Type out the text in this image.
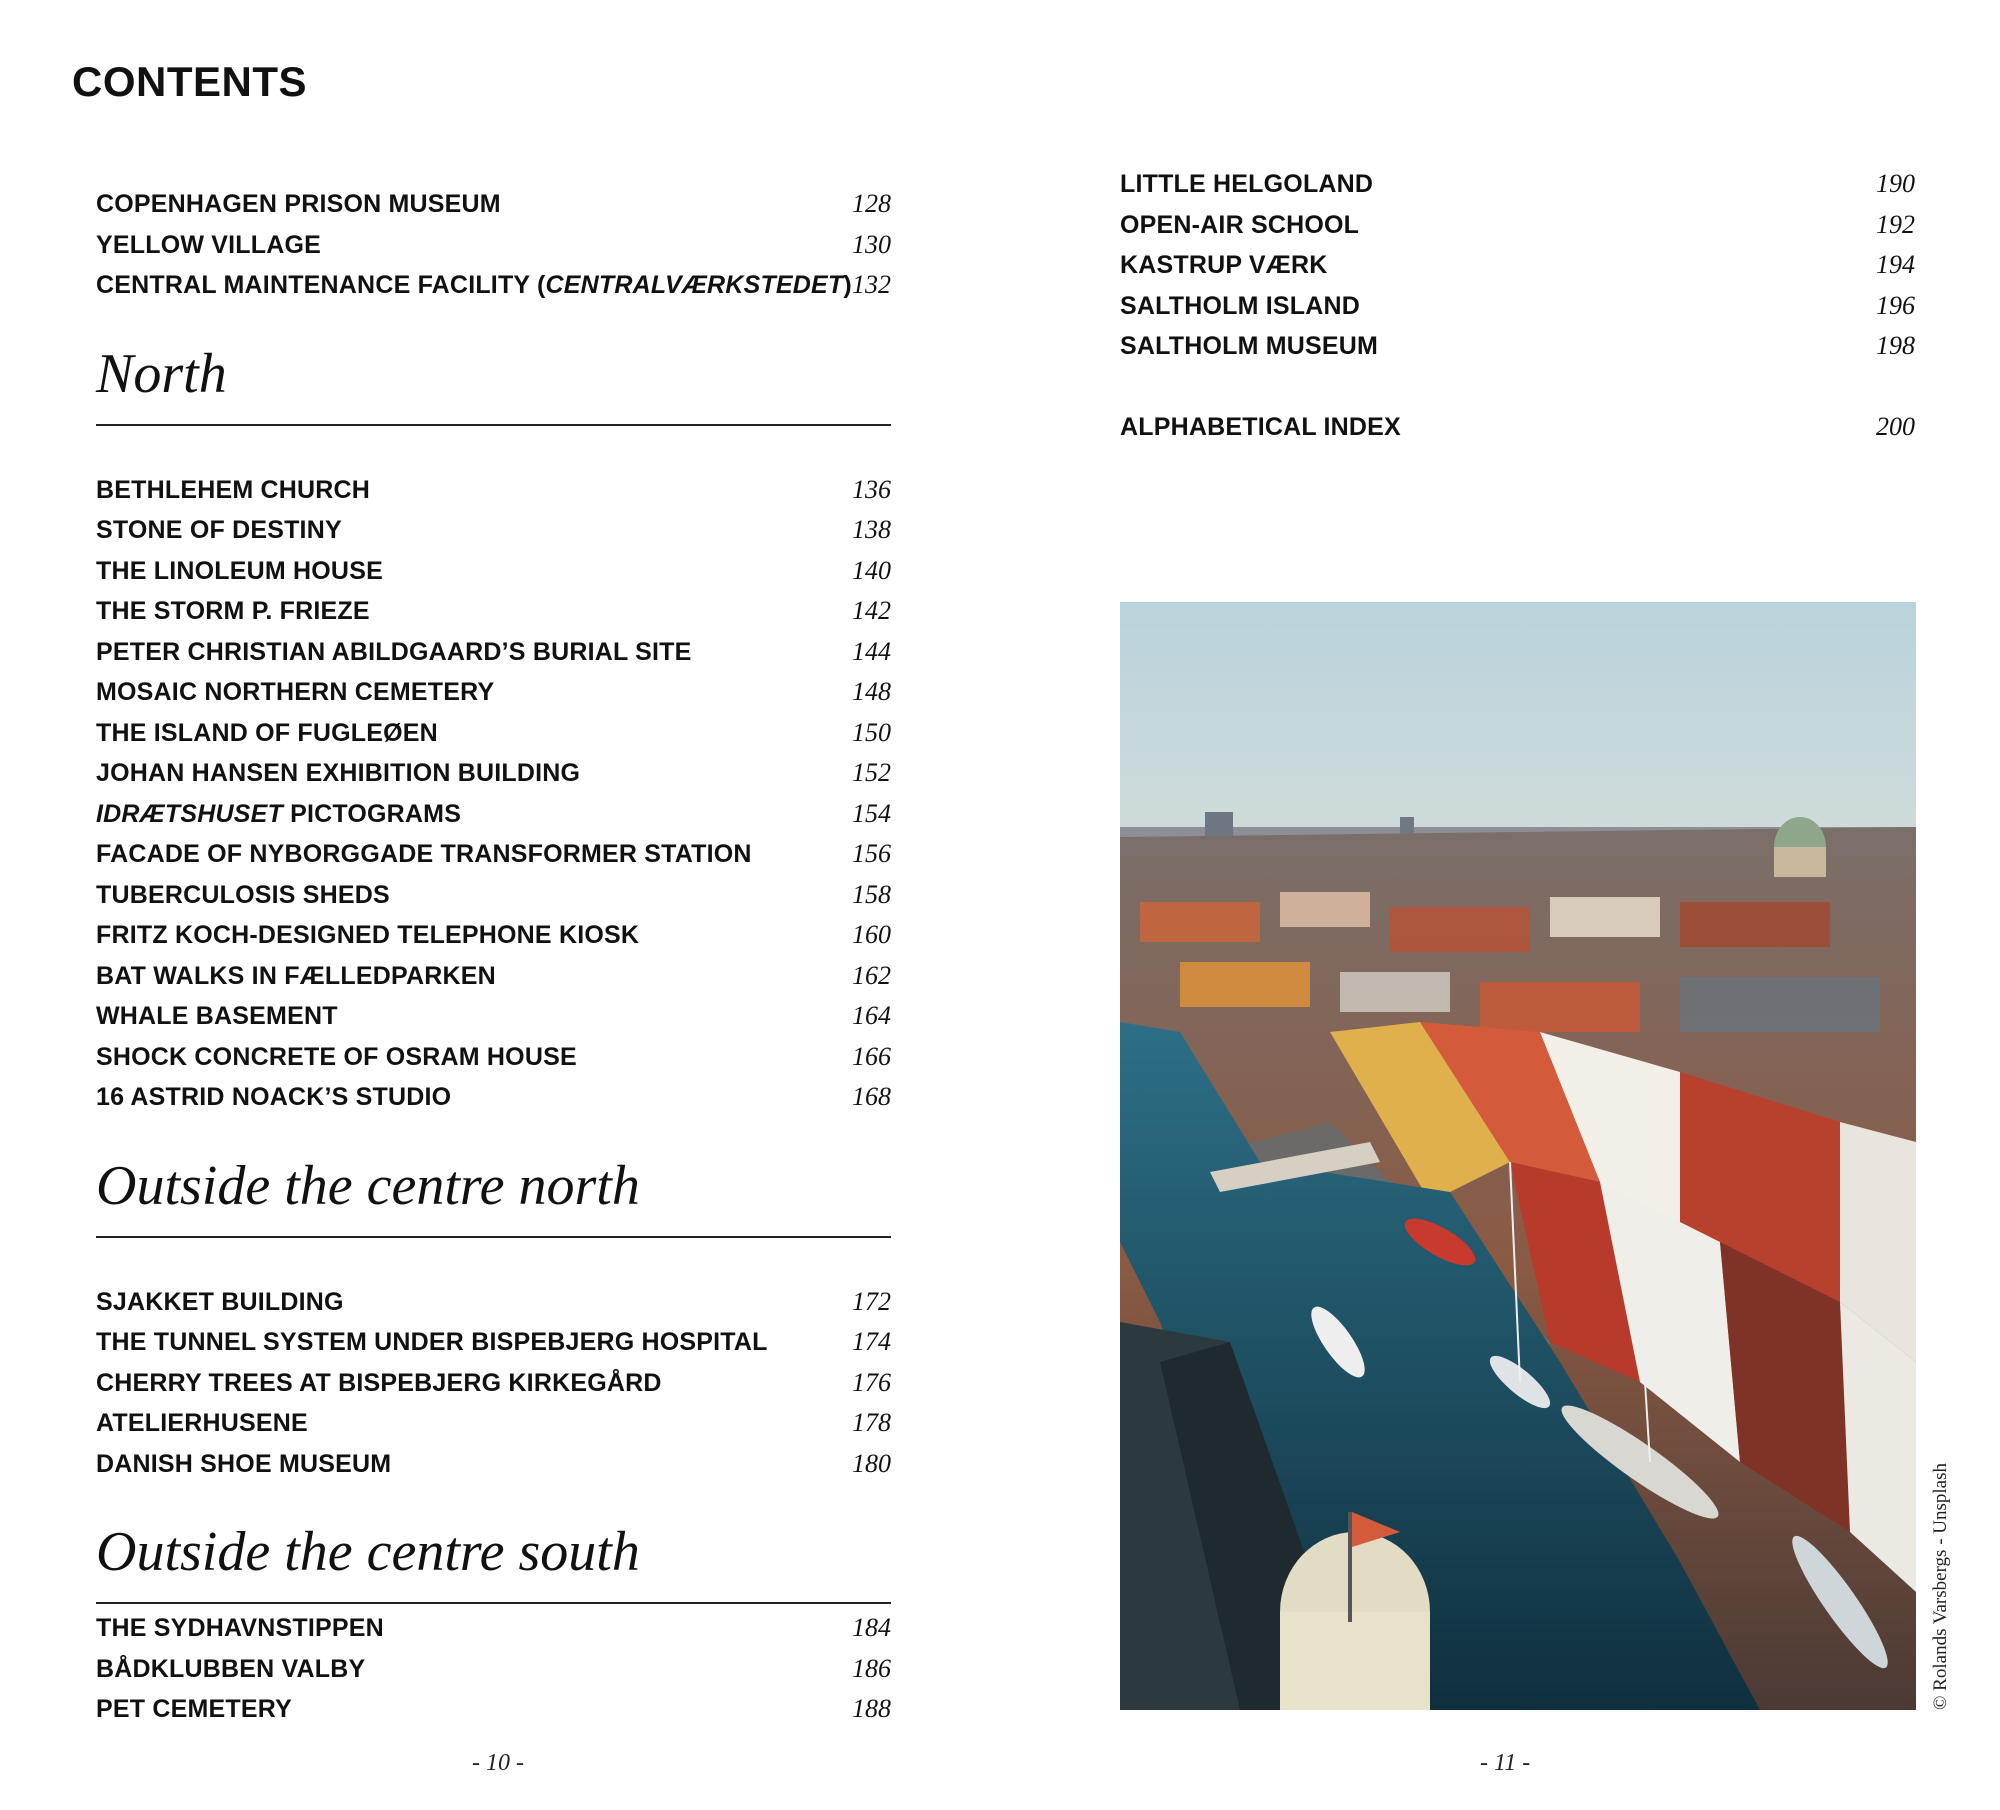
CONTENTS
COPENHAGEN PRISON MUSEUM	128
YELLOW VILLAGE	130
CENTRAL MAINTENANCE FACILITY (CENTRALVÆRKSTEDET) 132
North
BETHLEHEM CHURCH	136
STONE OF DESTINY	138
THE LINOLEUM HOUSE	140
THE STORM P. FRIEZE	142
PETER CHRISTIAN ABILDGAARD’S BURIAL SITE	144
MOSAIC NORTHERN CEMETERY	148
THE ISLAND OF FUGLEØEN	150
JOHAN HANSEN EXHIBITION BUILDING	152
IDRÆTSHUSET PICTOGRAMS	154
FACADE OF NYBORGGADE TRANSFORMER STATION	156
TUBERCULOSIS SHEDS	158
FRITZ KOCH-DESIGNED TELEPHONE KIOSK	160
BAT WALKS IN FÆLLEDPARKEN	162
WHALE BASEMENT	164
SHOCK CONCRETE OF OSRAM HOUSE	166
16 ASTRID NOACK’S STUDIO	168
Outside the centre north
SJAKKET BUILDING	172
THE TUNNEL SYSTEM UNDER BISPEBJERG HOSPITAL	174
CHERRY TREES AT BISPEBJERG KIRKEGÅRD	176
ATELIERHUSENE	178
DANISH SHOE MUSEUM	180
Outside the centre south
THE SYDHAVNSTIPPEN	184
BÅDKLUBBEN VALBY	186
PET CEMETERY	188
LITTLE HELGOLAND	190
OPEN-AIR SCHOOL	192
KASTRUP VÆRK	194
SALTHOLM ISLAND	196
SALTHOLM MUSEUM	198
ALPHABETICAL INDEX	200
© Rolands Varsbergs - Unsplash
- 10 -	- 11 -
